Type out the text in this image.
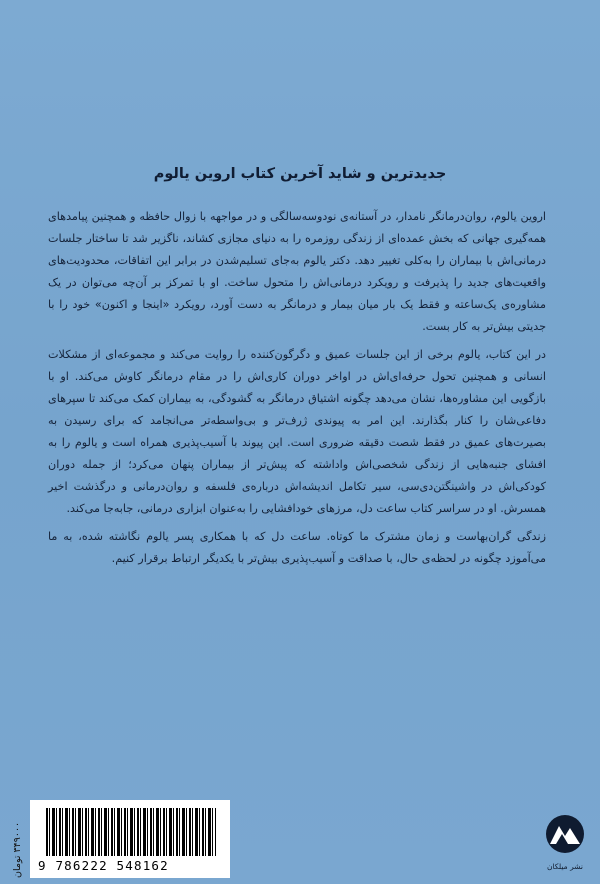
جدیدترین و شاید آخرین کتاب اروین یالوم

اروین یالوم، روان‌درمانگر نامدار، در آستانه‌ی نودوسه‌سالگی و در مواجهه با زوال حافظه و همچنین پیامدهای همه‌گیری جهانی که بخش عمده‌ای از زندگی روزمره را به دنیای مجازی کشاند، ناگزیر شد تا ساختار جلسات درمانی‌اش با بیماران را به‌کلی تغییر دهد. دکتر یالوم به‌جای تسلیم‌شدن در برابر این اتفاقات، محدودیت‌های واقعیت‌های جدید را پذیرفت و رویکرد درمانی‌اش را متحول ساخت. او با تمرکز بر آن‌چه می‌توان در یک مشاوره‌ی یک‌ساعته و فقط یک بار میان بیمار و درمانگر به دست آورد، رویکرد «اینجا و اکنون» خود را با جدیتی بیش‌تر به کار بست.

در این کتاب، یالوم برخی از این جلسات عمیق و دگرگون‌کننده را روایت می‌کند و مجموعه‌ای از مشکلات انسانی و همچنین تحول حرفه‌ای‌اش در اواخر دوران کاری‌اش را در مقام درمانگر کاوش می‌کند. او با بازگویی این مشاوره‌ها، نشان می‌دهد چگونه اشتیاق درمانگر به گشودگی، به بیماران کمک می‌کند تا سپرهای دفاعی‌شان را کنار بگذارند. این امر به پیوندی ژرف‌تر و بی‌واسطه‌تر می‌انجامد که برای رسیدن به بصیرت‌های عمیق در فقط شصت دقیقه ضروری است. این پیوند با آسیب‌پذیری همراه است و یالوم را به افشای جنبه‌هایی از زندگی شخصی‌اش واداشته که پیش‌تر از بیماران پنهان می‌کرد؛ از جمله دوران کودکی‌اش در واشینگتن‌دی‌سی، سیر تکامل اندیشه‌اش درباره‌ی فلسفه و روان‌درمانی و درگذشت اخیر همسرش. او در سراسر کتاب ساعت دل، مرزهای خودافشایی را به‌عنوان ابزاری درمانی، جابه‌جا می‌کند.

زندگی گران‌بهاست و زمان مشترک ما کوتاه. ساعت دل که با همکاری پسر یالوم نگاشته شده، به ما می‌آموزد چگونه در لحظه‌ی حال، با صداقت و آسیب‌پذیری بیش‌تر با یکدیگر ارتباط برقرار کنیم.

9 786222 548162
۳۴۹۰۰۰ تومان
نشر میلکان
